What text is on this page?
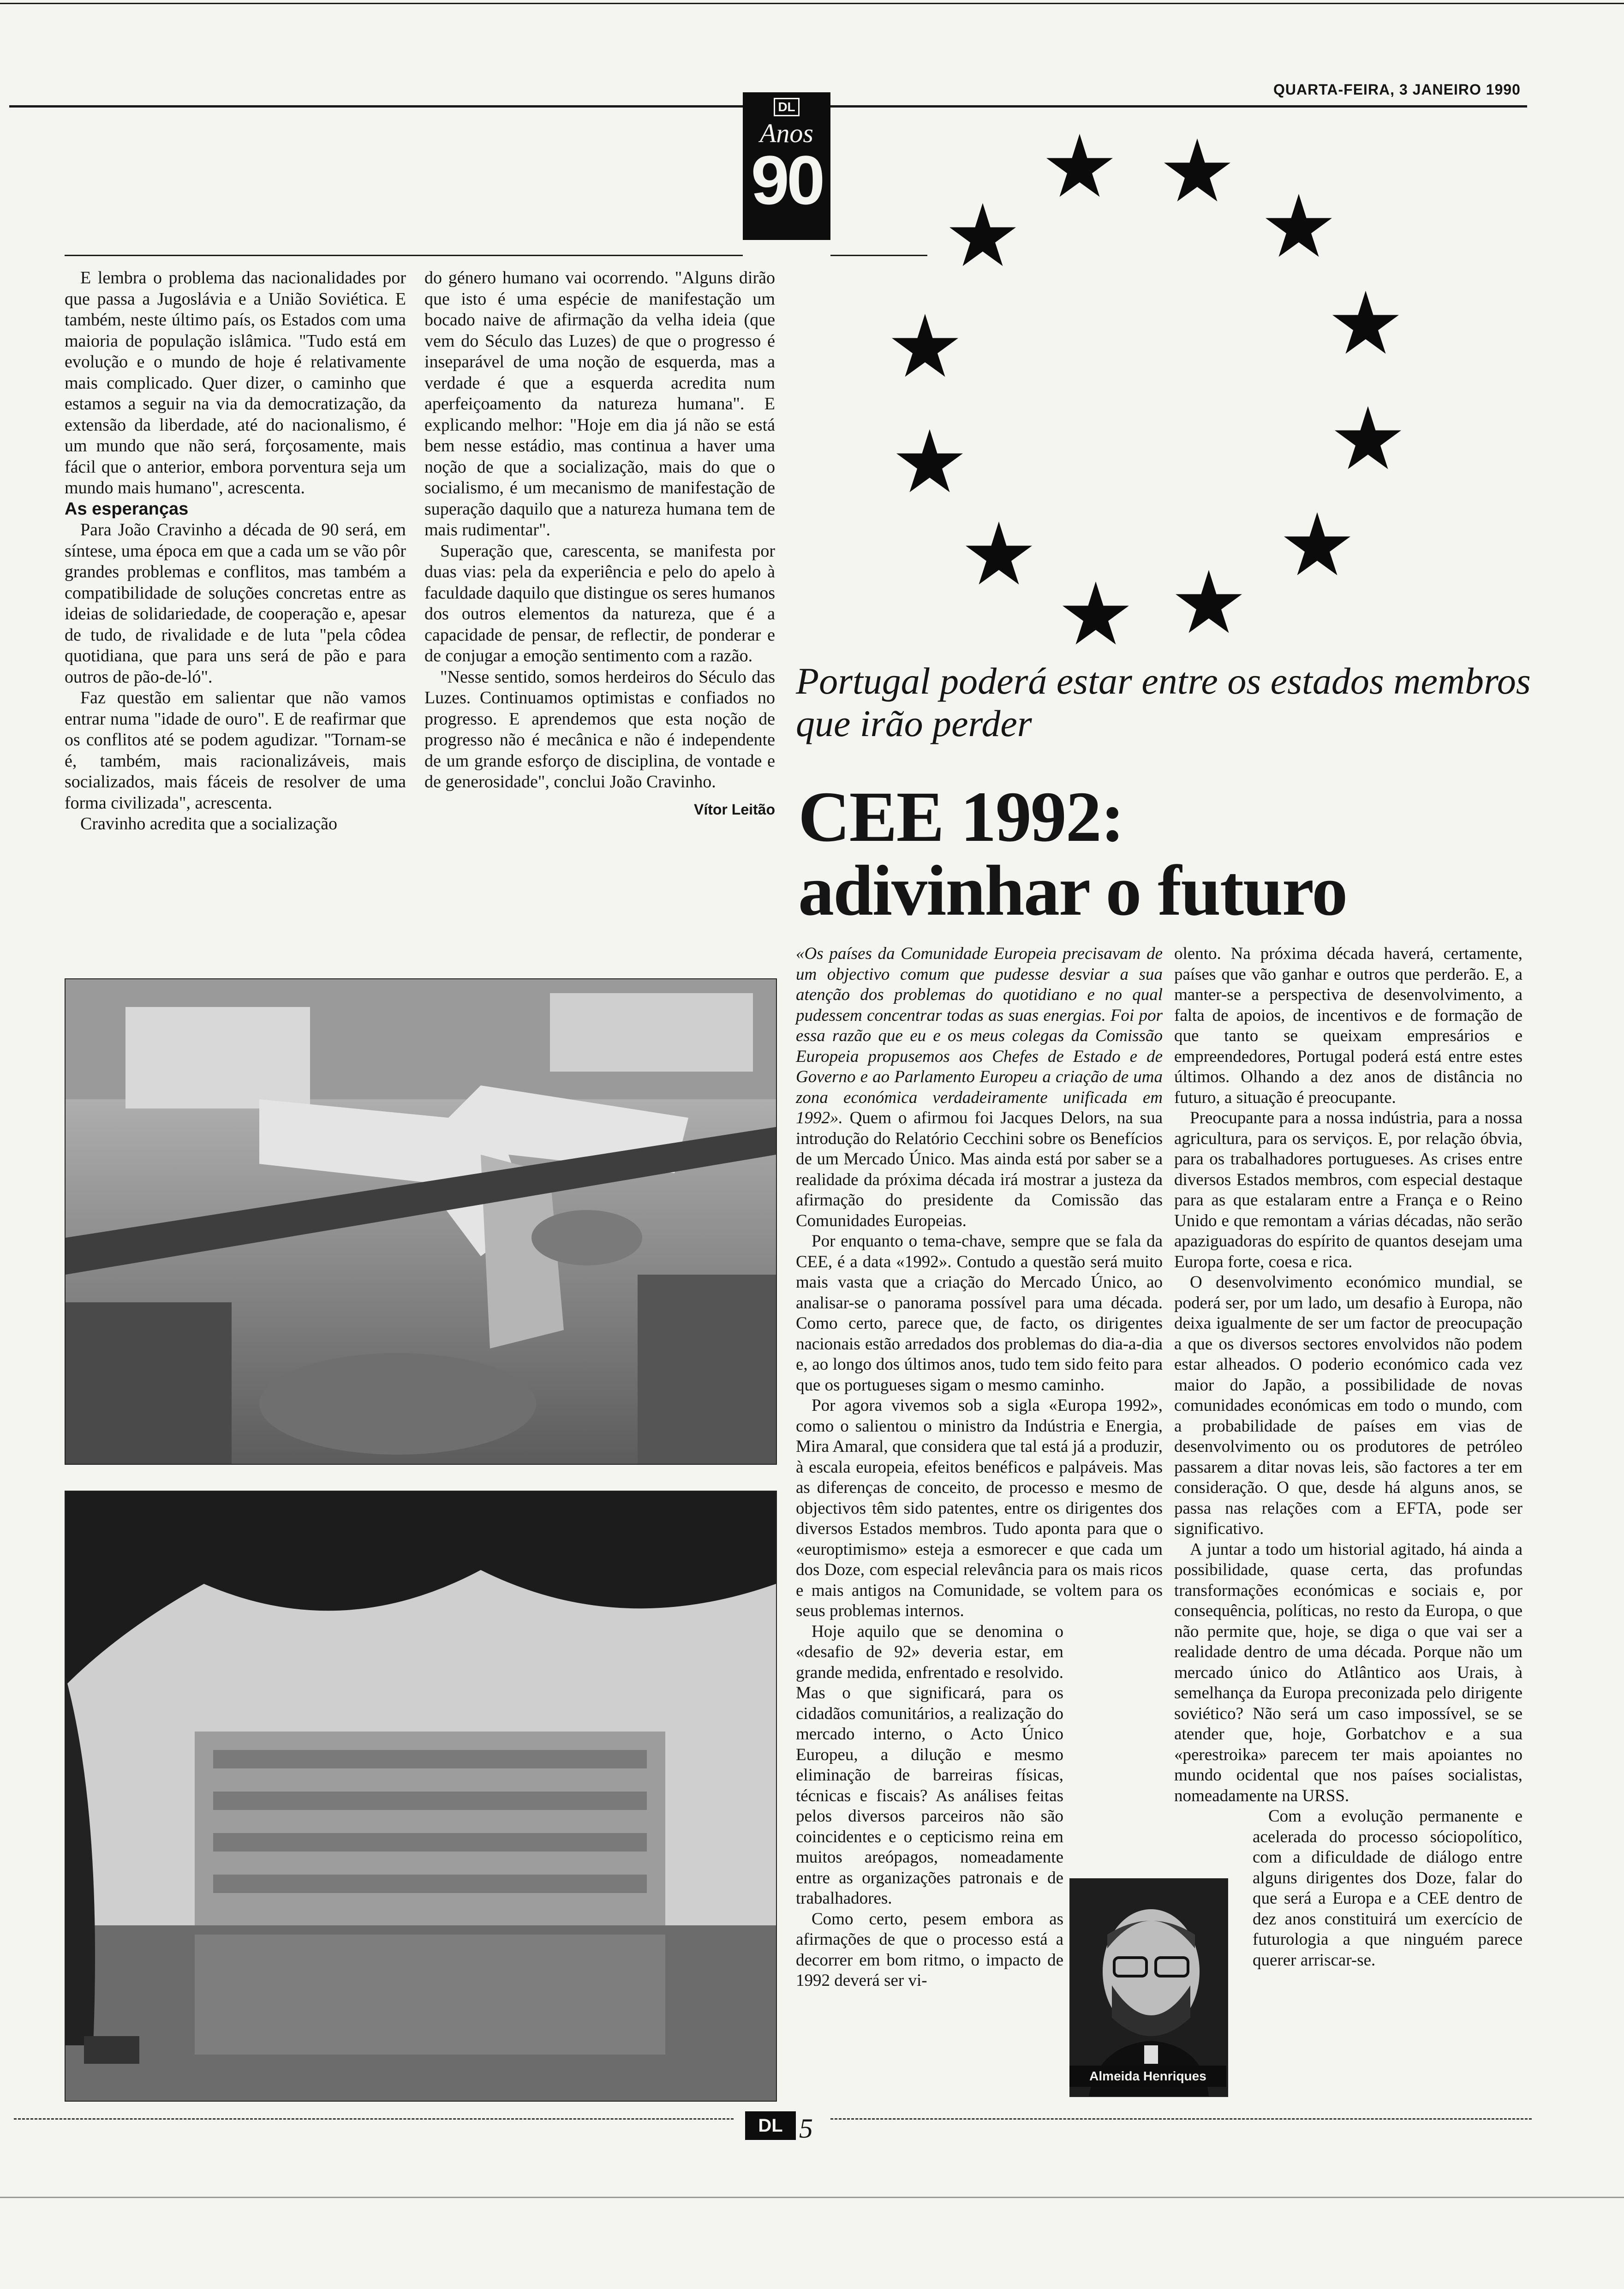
QUARTA-FEIRA, 3 JANEIRO 1990
DL
Anos
90

E lembra o problema das nacionalidades por que passa a Jugoslávia e a União Soviética. E também, neste último país, os Estados com uma maioria de população islâmica. "Tudo está em evolução e o mundo de hoje é relativamente mais complicado. Quer dizer, o caminho que estamos a seguir na via da democratização, da extensão da liberdade, até do nacionalismo, é um mundo que não será, forçosamente, mais fácil que o anterior, embora porventura seja um mundo mais humano", acrescenta.

As esperanças

Para João Cravinho a década de 90 será, em síntese, uma época em que a cada um se vão pôr grandes problemas e conflitos, mas também a compatibilidade de soluções concretas entre as ideias de solidariedade, de cooperação e, apesar de tudo, de rivalidade e de luta "pela côdea quotidiana, que para uns será de pão e para outros de pão-de-ló".

Faz questão em salientar que não vamos entrar numa "idade de ouro". E de reafirmar que os conflitos até se podem agudizar. "Tornam-se é, também, mais racionalizáveis, mais socializados, mais fáceis de resolver de uma forma civilizada", acrescenta.

Cravinho acredita que a socialização

do género humano vai ocorrendo. "Alguns dirão que isto é uma espécie de manifestação um bocado naive de afirmação da velha ideia (que vem do Século das Luzes) de que o progresso é inseparável de uma noção de esquerda, mas a verdade é que a esquerda acredita num aperfeiçoamento da natureza humana". E explicando melhor: "Hoje em dia já não se está bem nesse estádio, mas continua a haver uma noção de que a socialização, mais do que o socialismo, é um mecanismo de manifestação de superação daquilo que a natureza humana tem de mais rudimentar".

Superação que, carescenta, se manifesta por duas vias: pela da experiência e pelo do apelo à faculdade daquilo que distingue os seres humanos dos outros elementos da natureza, que é a capacidade de pensar, de reflectir, de ponderar e de conjugar a emoção sentimento com a razão.

"Nesse sentido, somos herdeiros do Século das Luzes. Continuamos optimistas e confiados no progresso. E aprendemos que esta noção de progresso não é mecânica e não é independente de um grande esforço de disciplina, de vontade e de generosidade", conclui João Cravinho.

Vítor Leitão
Portugal poderá estar entre os estados membros que irão perder
CEE 1992:
adivinhar o futuro

«Os países da Comunidade Europeia precisavam de um objectivo comum que pudesse desviar a sua atenção dos problemas do quotidiano e no qual pudessem concentrar todas as suas energias. Foi por essa razão que eu e os meus colegas da Comissão Europeia propusemos aos Chefes de Estado e de Governo e ao Parlamento Europeu a criação de uma zona económica verdadeiramente unificada em 1992». Quem o afirmou foi Jacques Delors, na sua introdução do Relatório Cecchini sobre os Benefícios de um Mercado Único. Mas ainda está por saber se a realidade da próxima década irá mostrar a justeza da afirmação do presidente da Comissão das Comunidades Europeias.

Por enquanto o tema-chave, sempre que se fala da CEE, é a data «1992». Contudo a questão será muito mais vasta que a criação do Mercado Único, ao analisar-se o panorama possível para uma década. Como certo, parece que, de facto, os dirigentes nacionais estão arredados dos problemas do dia-a-dia e, ao longo dos últimos anos, tudo tem sido feito para que os portugueses sigam o mesmo caminho.

Por agora vivemos sob a sigla «Europa 1992», como o salientou o ministro da Indústria e Energia, Mira Amaral, que considera que tal está já a produzir, à escala europeia, efeitos benéficos e palpáveis. Mas as diferenças de conceito, de processo e mesmo de objectivos têm sido patentes, entre os dirigentes dos diversos Estados membros. Tudo aponta para que o «europtimismo» esteja a esmorecer e que cada um dos Doze, com especial relevância para os mais ricos e mais antigos na Comunidade, se voltem para os seus problemas internos.

Hoje aquilo que se denomina o «desafio de 92» deveria estar, em grande medida, enfrentado e resolvido. Mas o que significará, para os cidadãos comunitários, a realização do mercado interno, o Acto Único Europeu, a dilução e mesmo eliminação de barreiras físicas, técnicas e fiscais? As análises feitas pelos diversos parceiros não são coincidentes e o cepticismo reina em muitos areópagos, nomeadamente entre as organizações patronais e de trabalhadores.

Como certo, pesem embora as afirmações de que o processo está a decorrer em bom ritmo, o impacto de 1992 deverá ser vi-

olento. Na próxima década haverá, certamente, países que vão ganhar e outros que perderão. E, a manter-se a perspectiva de desenvolvimento, a falta de apoios, de incentivos e de formação de que tanto se queixam empresários e empreendedores, Portugal poderá está entre estes últimos. Olhando a dez anos de distância no futuro, a situação é preocupante.

Preocupante para a nossa indústria, para a nossa agricultura, para os serviços. E, por relação óbvia, para os trabalhadores portugueses. As crises entre diversos Estados membros, com especial destaque para as que estalaram entre a França e o Reino Unido e que remontam a várias décadas, não serão apaziguadoras do espírito de quantos desejam uma Europa forte, coesa e rica.

O desenvolvimento económico mundial, se poderá ser, por um lado, um desafio à Europa, não deixa igualmente de ser um factor de preocupação a que os diversos sectores envolvidos não podem estar alheados. O poderio económico cada vez maior do Japão, a possibilidade de novas comunidades económicas em todo o mundo, com a probabilidade de países em vias de desenvolvimento ou os produtores de petróleo passarem a ditar novas leis, são factores a ter em consideração. O que, desde há alguns anos, se passa nas relações com a EFTA, pode ser significativo.

A juntar a todo um historial agitado, há ainda a possibilidade, quase certa, das profundas transformações económicas e sociais e, por consequência, políticas, no resto da Europa, o que não permite que, hoje, se diga o que vai ser a realidade dentro de uma década. Porque não um mercado único do Atlântico aos Urais, à semelhança da Europa preconizada pelo dirigente soviético? Não será um caso impossível, se se atender que, hoje, Gorbatchov e a sua «perestroika» parecem ter mais apoiantes no mundo ocidental que nos países socialistas, nomeadamente na URSS.

Com a evolução permanente e acelerada do processo sóciopolítico, com a dificuldade de diálogo entre alguns dirigentes dos Doze, falar do que será a Europa e a CEE dentro de dez anos constituirá um exercício de futurologia a que ninguém parece querer arriscar-se.

Almeida Henriques
DL 5
